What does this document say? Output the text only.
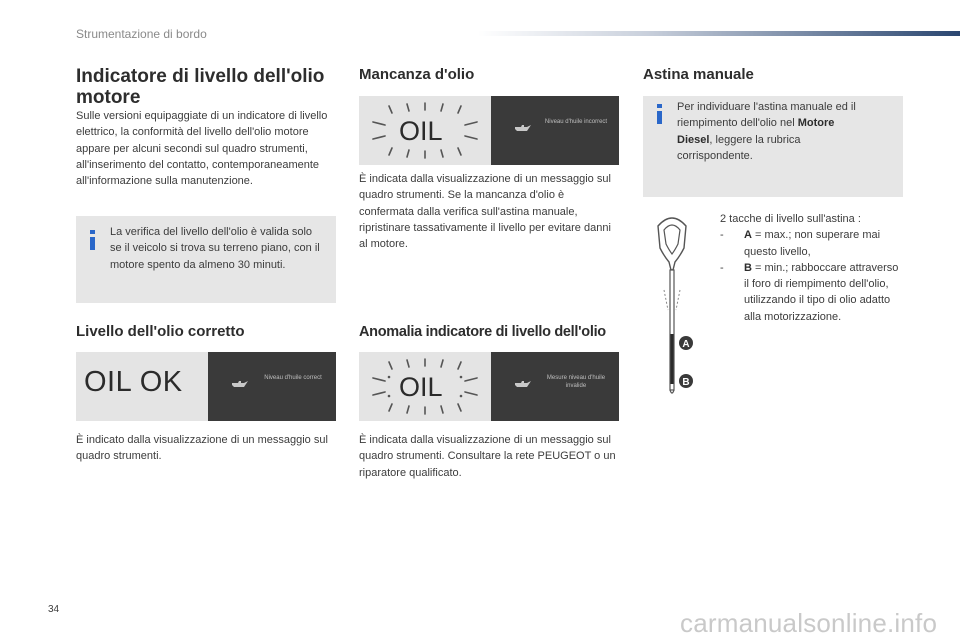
Strumentazione di bordo
Indicatore di livello dell'olio motore

Sulle versioni equipaggiate di un indicatore di livello elettrico, la conformità del livello dell'olio motore appare per alcuni secondi sul quadro strumenti, all'inserimento del contatto, contemporaneamente all'informazione sulla manutenzione.

La verifica del livello dell'olio è valida solo se il veicolo si trova su terreno piano, con il motore spento da almeno 30 minuti.

Livello dell'olio corretto
OIL OK	Niveau d'huile correct

È indicato dalla visualizzazione di un messaggio sul quadro strumenti.

Mancanza d'olio
OIL	Niveau d'huile incorrect

È indicata dalla visualizzazione di un messaggio sul quadro strumenti. Se la mancanza d'olio è confermata dalla verifica sull'astina manuale, ripristinare tassativamente il livello per evitare danni al motore.

Anomalia indicatore di livello dell'olio
OIL	Mesure niveau d'huile invalide

È indicata dalla visualizzazione di un messaggio sul quadro strumenti. Consultare la rete PEUGEOT o un riparatore qualificato.

Astina manuale

Per individuare l'astina manuale ed il riempimento dell'olio nel Motore Diesel, leggere la rubrica corrispondente.

A
B

2 tacche di livello sull'astina :

- A = max.; non superare mai questo livello,
- B = min.; rabboccare attraverso il foro di riempimento dell'olio, utilizzando il tipo di olio adatto alla motorizzazione.
34	carmanualsonline.info
